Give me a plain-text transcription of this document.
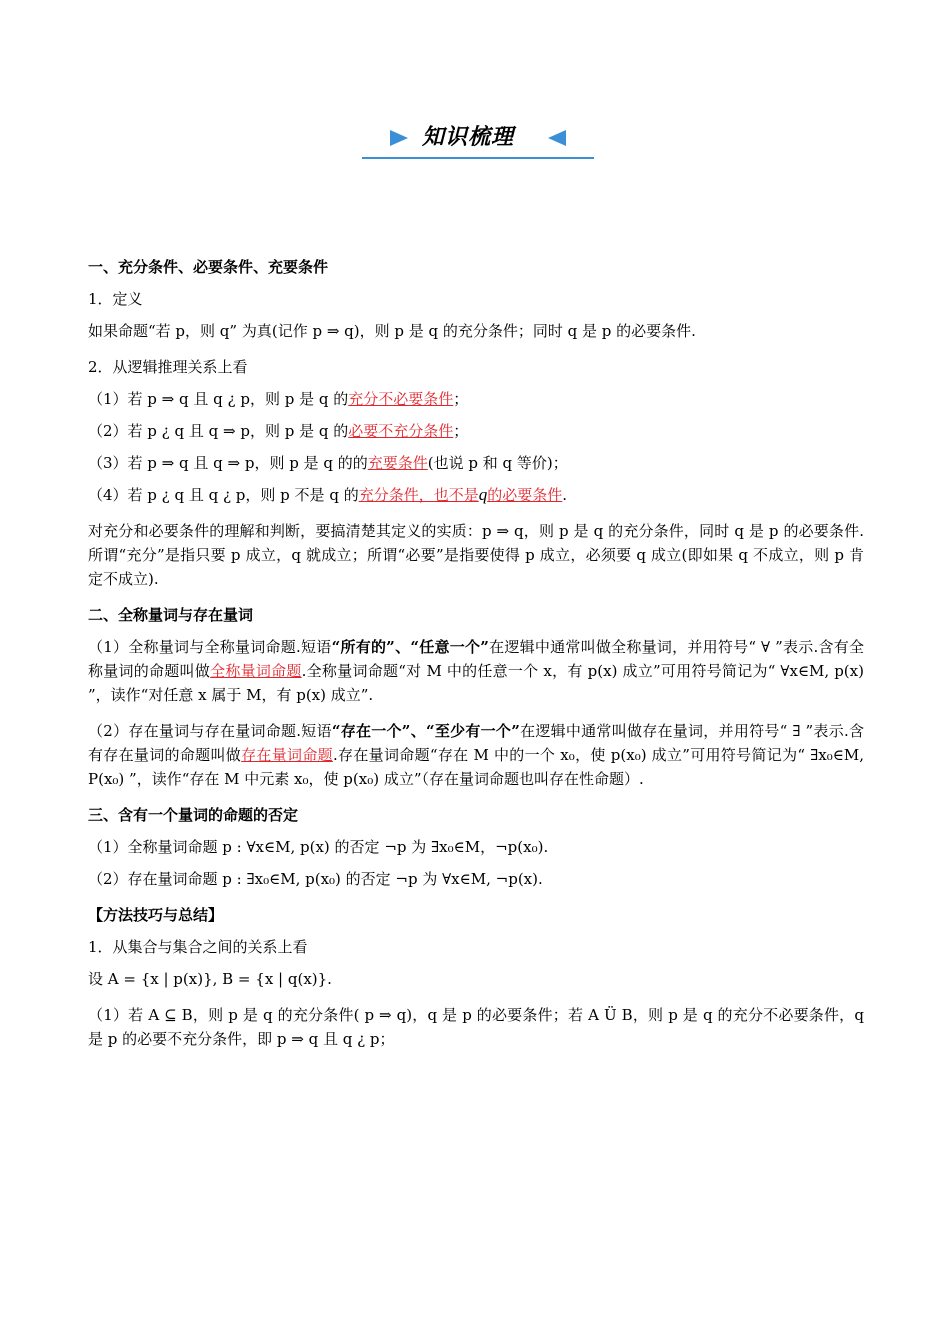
知识梳理
一、充分条件、必要条件、充要条件
1．定义
如果命题“若 p，则 q” 为真(记作 p ⇒ q)，则 p 是 q 的充分条件；同时 q 是 p 的必要条件.
2．从逻辑推理关系上看
（1）若 p ⇒ q 且 q ¿ p，则 p 是 q 的充分不必要条件；
（2）若 p ¿ q 且 q ⇒ p，则 p 是 q 的必要不充分条件；
（3）若 p ⇒ q 且 q ⇒ p，则 p 是 q 的的充要条件(也说 p 和 q 等价)；
（4）若 p ¿ q 且 q ¿ p，则 p 不是 q 的充分条件，也不是q的必要条件.
对充分和必要条件的理解和判断，要搞清楚其定义的实质：p ⇒ q，则 p 是 q 的充分条件，同时 q 是 p 的必要条件.所谓“充分”是指只要 p 成立，q 就成立；所谓“必要”是指要使得 p 成立，必须要 q 成立(即如果 q 不成立，则 p 肯定不成立).
二、全称量词与存在量词
（1）全称量词与全称量词命题.短语“所有的”、“任意一个”在逻辑中通常叫做全称量词，并用符号“ ∀ ”表示.含有全称量词的命题叫做全称量词命题.全称量词命题“对 M 中的任意一个 x，有 p(x) 成立”可用符号简记为“ ∀x∈M, p(x) ”，读作“对任意 x 属于 M，有 p(x) 成立”.
（2）存在量词与存在量词命题.短语“存在一个”、“至少有一个”在逻辑中通常叫做存在量词，并用符号“ ∃ ”表示.含有存在量词的命题叫做存在量词命题.存在量词命题“存在 M 中的一个 x₀，使 p(x₀) 成立”可用符号简记为“ ∃x₀∈M, P(x₀) ”，读作“存在 M 中元素 x₀，使 p(x₀) 成立”（存在量词命题也叫存在性命题）.
三、含有一个量词的命题的否定
（1）全称量词命题 p : ∀x∈M, p(x) 的否定 ¬p 为 ∃x₀∈M，¬p(x₀).
（2）存在量词命题 p : ∃x₀∈M, p(x₀) 的否定 ¬p 为 ∀x∈M, ¬p(x).
【方法技巧与总结】
1．从集合与集合之间的关系上看
设 A = {x | p(x)}, B = {x | q(x)}.
（1）若 A ⊆ B，则 p 是 q 的充分条件( p ⇒ q)，q 是 p 的必要条件；若 A Ü B，则 p 是 q 的充分不必要条件，q 是 p 的必要不充分条件，即 p ⇒ q 且 q ¿ p；
